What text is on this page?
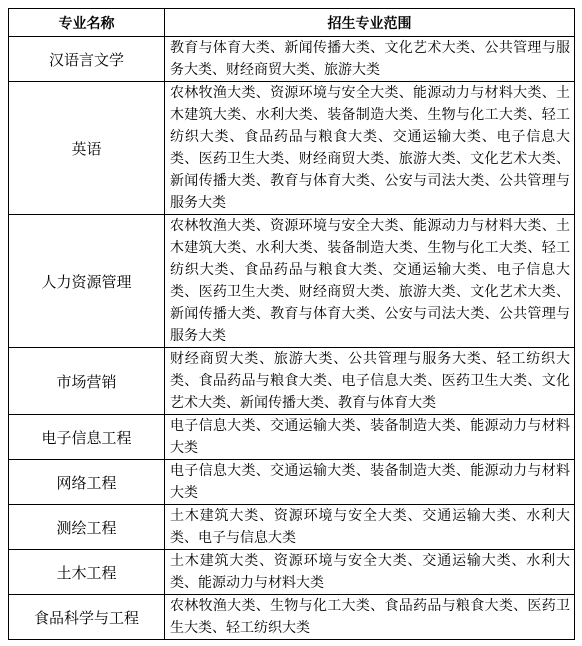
专业名称	招生专业范围
汉语言文学	教育与体育大类、新闻传播大类、文化艺术大类、公共管理与服务大类、财经商贸大类、旅游大类
英语	农林牧渔大类、资源环境与安全大类、能源动力与材料大类、土木建筑大类、水利大类、装备制造大类、生物与化工大类、轻工纺织大类、食品药品与粮食大类、交通运输大类、电子信息大类、医药卫生大类、财经商贸大类、旅游大类、文化艺术大类、新闻传播大类、教育与体育大类、公安与司法大类、公共管理与服务大类
人力资源管理	农林牧渔大类、资源环境与安全大类、能源动力与材料大类、土木建筑大类、水利大类、装备制造大类、生物与化工大类、轻工纺织大类、食品药品与粮食大类、交通运输大类、电子信息大类、医药卫生大类、财经商贸大类、旅游大类、文化艺术大类、新闻传播大类、教育与体育大类、公安与司法大类、公共管理与服务大类
市场营销	财经商贸大类、旅游大类、公共管理与服务大类、轻工纺织大类、食品药品与粮食大类、电子信息大类、医药卫生大类、文化艺术大类、新闻传播大类、教育与体育大类
电子信息工程	电子信息大类、交通运输大类、装备制造大类、能源动力与材料大类
网络工程	电子信息大类、交通运输大类、装备制造大类、能源动力与材料大类
测绘工程	土木建筑大类、资源环境与安全大类、交通运输大类、水利大类、电子与信息大类
土木工程	土木建筑大类、资源环境与安全大类、交通运输大类、水利大类、能源动力与材料大类
食品科学与工程	农林牧渔大类、生物与化工大类、食品药品与粮食大类、医药卫生大类、轻工纺织大类
